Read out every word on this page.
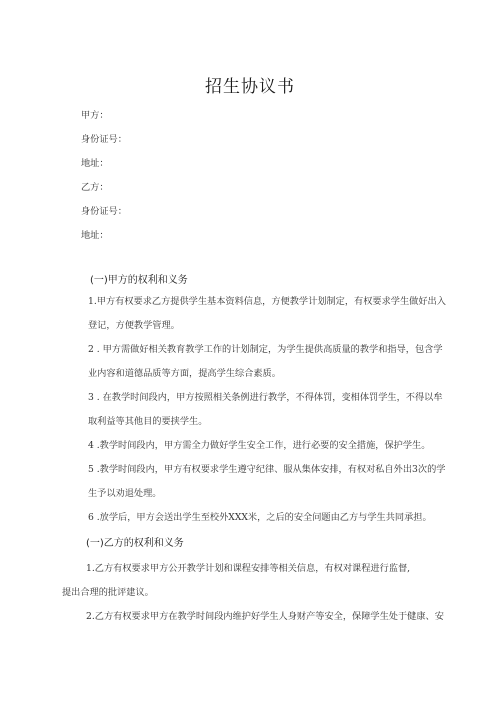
招生协议书
甲方：
身份证号：
地址：
乙方：
身份证号：
地址：
(一)甲方的权利和义务
1.甲方有权要求乙方提供学生基本资料信息，方便教学计划制定，有权要求学生做好出入登记，方便教学管理。
2 . 甲方需做好相关教育教学工作的计划制定，为学生提供高质量的教学和指导，包含学业内容和道德品质等方面，提高学生综合素质。
3 . 在教学时间段内，甲方按照相关条例进行教学，不得体罚，变相体罚学生，不得以牟取利益等其他目的要挟学生。
4 .教学时间段内，甲方需全力做好学生安全工作，进行必要的安全措施，保护学生。
5 .教学时间段内，甲方有权要求学生遵守纪律、服从集体安排，有权对私自外出3次的学生予以劝退处理。
6 .放学后，甲方会送出学生至校外XXX米，之后的安全问题由乙方与学生共同承担。
(一)乙方的权利和义务
1.乙方有权要求甲方公开教学计划和课程安排等相关信息，有权对课程进行监督,
提出合理的批评建议。
2.乙方有权要求甲方在教学时间段内维护好学生人身财产等安全，保障学生处于健康、安
